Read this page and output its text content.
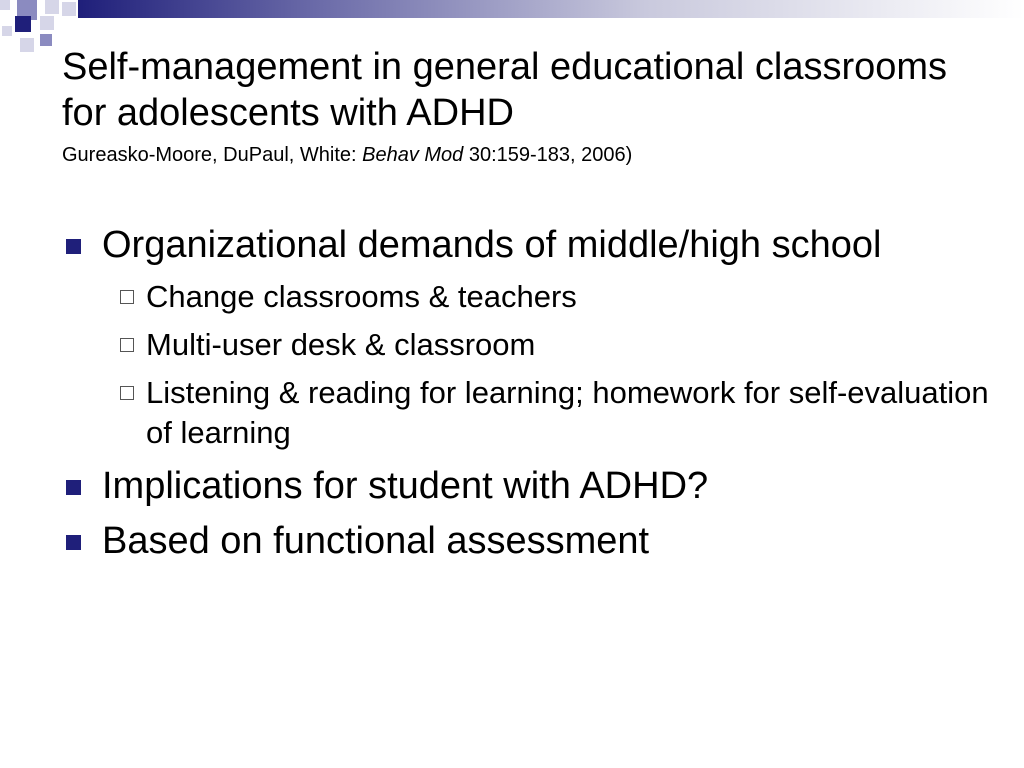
Self-management in general educational classrooms for adolescents with ADHD
Gureasko-Moore, DuPaul, White: Behav Mod 30:159-183, 2006)
Organizational demands of middle/high school
Change classrooms & teachers
Multi-user desk & classroom
Listening & reading for learning; homework for self-evaluation of learning
Implications for student with ADHD?
Based on functional assessment
